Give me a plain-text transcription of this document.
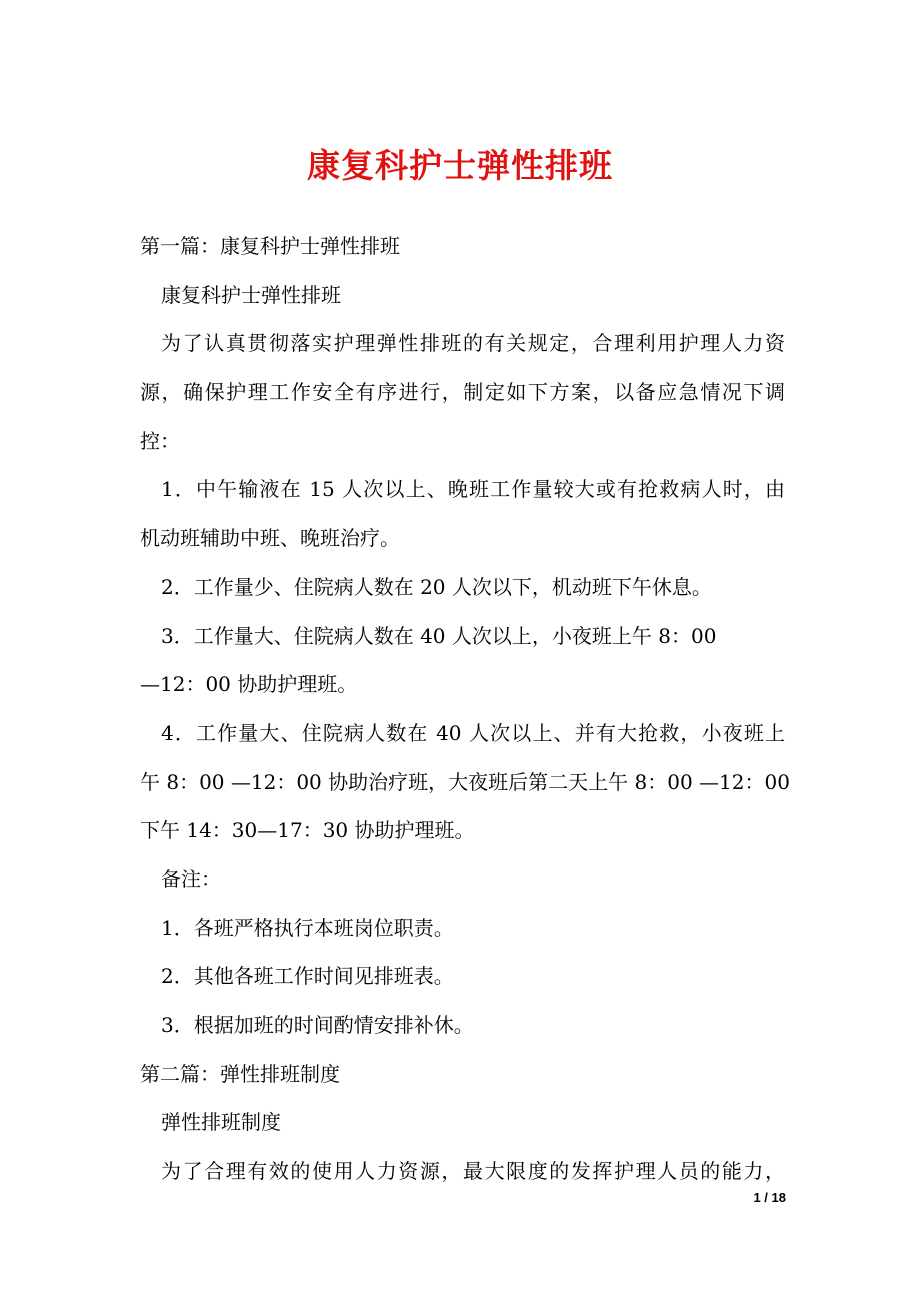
康复科护士弹性排班
第一篇：康复科护士弹性排班
康复科护士弹性排班
为了认真贯彻落实护理弹性排班的有关规定，合理利用护理人力资
源，确保护理工作安全有序进行，制定如下方案，以备应急情况下调
控：
1．中午输液在 15 人次以上、晚班工作量较大或有抢救病人时，由
机动班辅助中班、晚班治疗。
2．工作量少、住院病人数在 20 人次以下，机动班下午休息。
3．工作量大、住院病人数在 40 人次以上，小夜班上午 8：00
—12：00 协助护理班。
4．工作量大、住院病人数在 40 人次以上、并有大抢救，小夜班上
午 8：00 —12：00 协助治疗班，大夜班后第二天上午 8：00 —12：00
下午 14：30—17：30 协助护理班。
备注：
1．各班严格执行本班岗位职责。
2．其他各班工作时间见排班表。
3．根据加班的时间酌情安排补休。
第二篇：弹性排班制度
弹性排班制度
为了合理有效的使用人力资源，最大限度的发挥护理人员的能力，
1 / 18
